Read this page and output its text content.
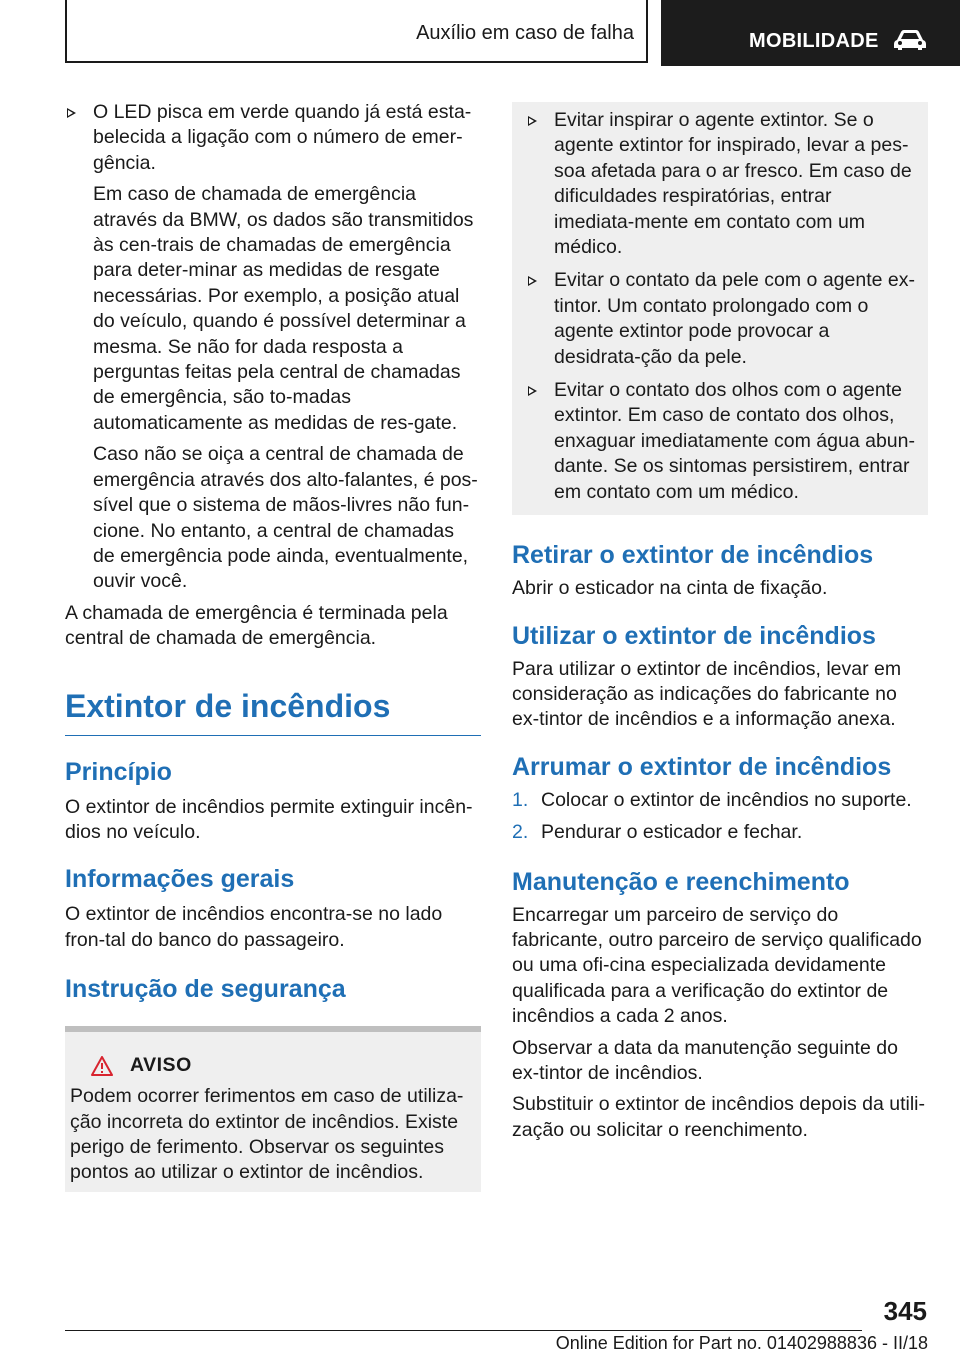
Auxílio em caso de falha	MOBILIDADE

O LED pisca em verde quando já está esta-belecida a ligação com o número de emer-gência.

Em caso de chamada de emergência através da BMW, os dados são transmitidos às cen-trais de chamadas de emergência para deter-minar as medidas de resgate necessárias. Por exemplo, a posição atual do veículo, quando é possível determinar a mesma. Se não for dada resposta a perguntas feitas pela central de chamadas de emergência, são to-madas automaticamente as medidas de res-gate.

Caso não se oiça a central de chamada de emergência através dos alto-falantes, é pos-sível que o sistema de mãos-livres não fun-cione. No entanto, a central de chamadas de emergência pode ainda, eventualmente, ouvir você.

A chamada de emergência é terminada pela central de chamada de emergência.

Extintor de incêndios
Princípio

O extintor de incêndios permite extinguir incên-dios no veículo.

Informações gerais

O extintor de incêndios encontra-se no lado fron-tal do banco do passageiro.

Instrução de segurança
AVISO

Podem ocorrer ferimentos em caso de utiliza-ção incorreta do extintor de incêndios. Existe perigo de ferimento. Observar os seguintes pontos ao utilizar o extintor de incêndios.

Evitar inspirar o agente extintor. Se o agente extintor for inspirado, levar a pes-soa afetada para o ar fresco. Em caso de dificuldades respiratórias, entrar imediata-mente em contato com um médico.

Evitar o contato da pele com o agente ex-tintor. Um contato prolongado com o agente extintor pode provocar a desidrata-ção da pele.

Evitar o contato dos olhos com o agente extintor. Em caso de contato dos olhos, enxaguar imediatamente com água abun-dante. Se os sintomas persistirem, entrar em contato com um médico.

Retirar o extintor de incêndios

Abrir o esticador na cinta de fixação.

Utilizar o extintor de incêndios

Para utilizar o extintor de incêndios, levar em consideração as indicações do fabricante no ex-tintor de incêndios e a informação anexa.

Arrumar o extintor de incêndios
1. Colocar o extintor de incêndios no suporte.

2. Pendurar o esticador e fechar.

Manutenção e reenchimento

Encarregar um parceiro de serviço do fabricante, outro parceiro de serviço qualificado ou uma ofi-cina especializada devidamente qualificada para a verificação do extintor de incêndios a cada 2 anos.

Observar a data da manutenção seguinte do ex-tintor de incêndios.

Substituir o extintor de incêndios depois da utili-zação ou solicitar o reenchimento.

345
Online Edition for Part no. 01402988836 - II/18
